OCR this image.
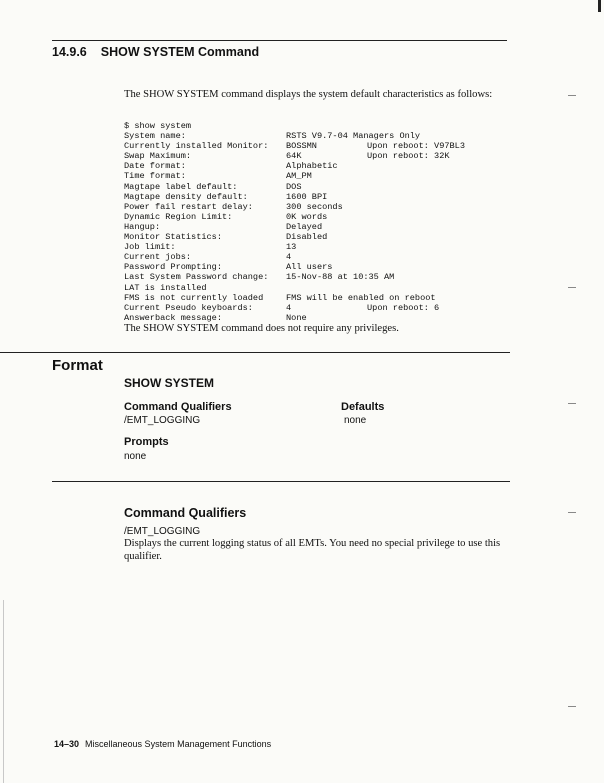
14.9.6 SHOW SYSTEM Command
The SHOW SYSTEM command displays the system default characteristics as follows:
$ show system
System name:	RSTS V9.7-04 Managers Only
Currently installed Monitor:	BOSSMN	Upon reboot: V97BL3
Swap Maximum:	64K	Upon reboot: 32K
Date format:	Alphabetic
Time format:	AM_PM
Magtape label default:	DOS
Magtape density default:	1600 BPI
Power fail restart delay:	300 seconds
Dynamic Region Limit:	0K words
Hangup:	Delayed
Monitor Statistics:	Disabled
Job limit:	13
Current jobs:	4
Password Prompting:	All users
Last System Password change:	15-Nov-88 at 10:35 AM
LAT is installed
FMS is not currently loaded	FMS will be enabled on reboot
Current Pseudo keyboards:	4	Upon reboot: 6
Answerback message:	None
The SHOW SYSTEM command does not require any privileges.
Format
SHOW SYSTEM
Command Qualifiers	Defaults
/EMT_LOGGING	none
Prompts
none
Command Qualifiers
/EMT_LOGGING
Displays the current logging status of all EMTs. You need no special privilege to use this qualifier.
14–30 Miscellaneous System Management Functions
